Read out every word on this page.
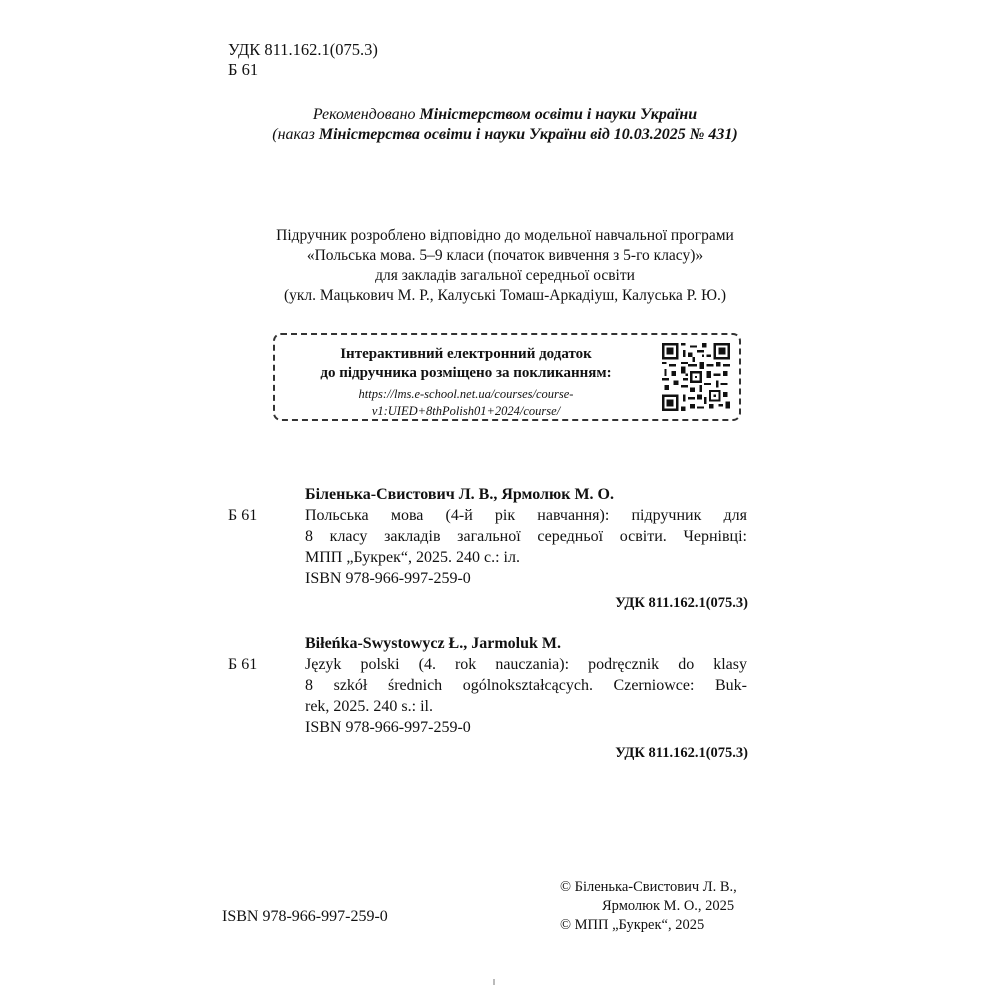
УДК 811.162.1(075.3)
Б 61
Рекомендовано Міністерством освіти і науки України
(наказ Міністерства освіти і науки України від 10.03.2025 № 431)
Підручник розроблено відповідно до модельної навчальної програми
«Польська мова. 5–9 класи (початок вивчення з 5-го класу)»
для закладів загальної середньої освіти
(укл. Мацькович М. Р., Калуські Томаш-Аркадіуш, Калуська Р. Ю.)
Інтерактивний електронний додаток
до підручника розміщено за покликанням:
https://lms.e-school.net.ua/courses/course-
v1:UIED+8thPolish01+2024/course/
Біленька-Свистович Л. В., Ярмолюк М. О.
Польська мова (4-й рік навчання): підручник для
8 класу закладів загальної середньої освіти. Чернівці:
МПП „Букрек“, 2025. 240 с.: іл.
ISBN 978-966-997-259-0
Б 61
УДК 811.162.1(075.3)
Biłeńka-Swystowycz Ł., Jarmoluk M.
Język polski (4. rok nauczania): podręcznik do klasy
8 szkół średnich ogólnokształcących. Czerniowce: Buk-
rek, 2025. 240 s.: il.
ISBN 978-966-997-259-0
Б 61
УДК 811.162.1(075.3)
ISBN 978-966-997-259-0
© Біленька-Свистович Л. В.,
Ярмолюк М. О., 2025
© МПП „Букрек“, 2025
